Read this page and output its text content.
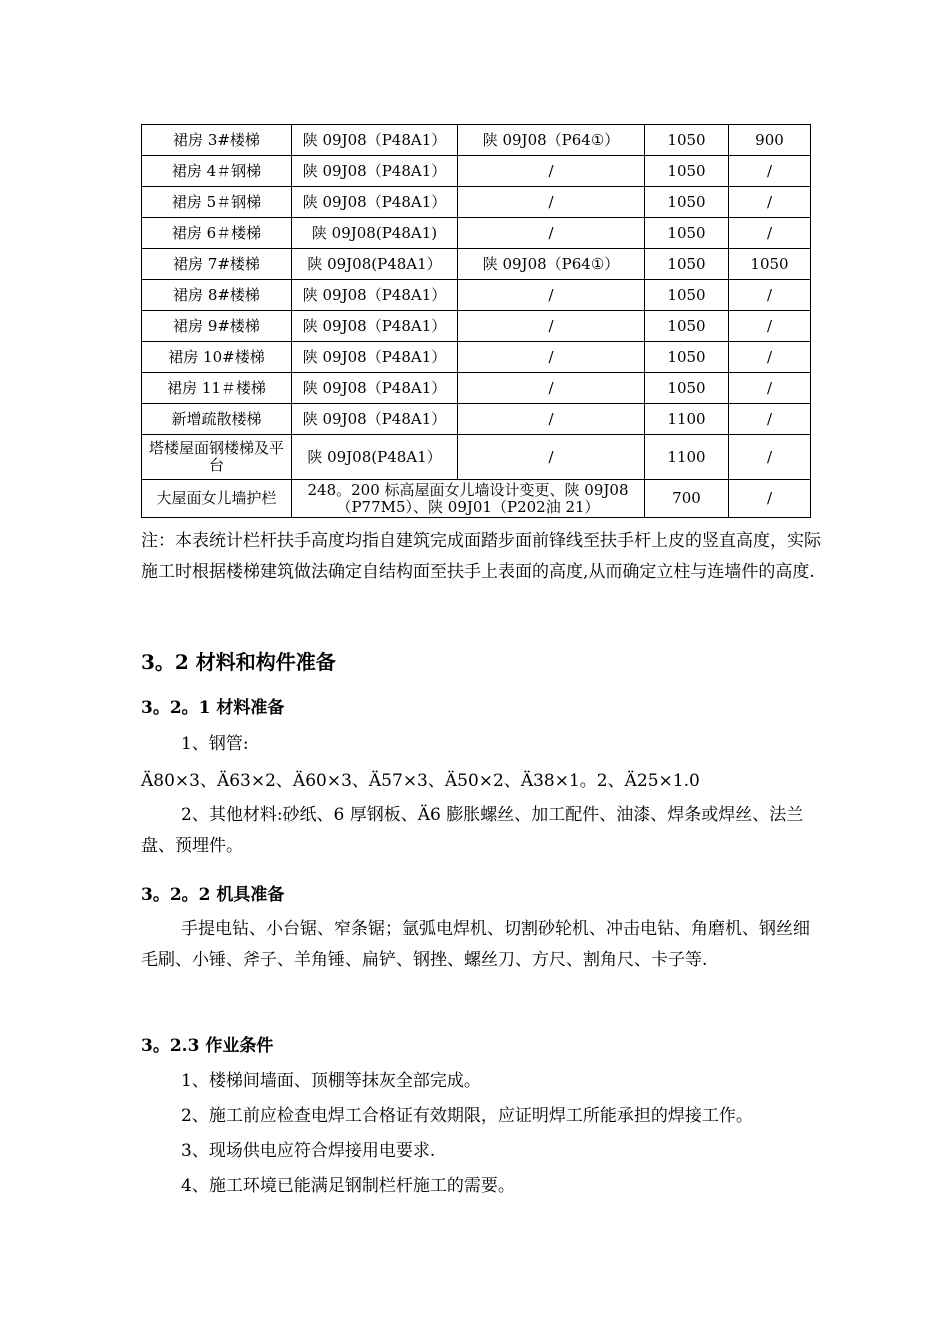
裙房 3#楼梯	陕 09J08（P48A1）	陕 09J08（P64①）	1050	900
裙房 4＃钢梯	陕 09J08（P48A1）	/	1050	/
裙房 5＃钢梯	陕 09J08（P48A1）	/	1050	/
裙房 6＃楼梯	陕 09J08(P48A1)	/	1050	/
裙房 7#楼梯	陕 09J08(P48A1）	陕 09J08（P64①）	1050	1050
裙房 8#楼梯	陕 09J08（P48A1）	/	1050	/
裙房 9#楼梯	陕 09J08（P48A1）	/	1050	/
裙房 10#楼梯	陕 09J08（P48A1）	/	1050	/
裙房 11＃楼梯	陕 09J08（P48A1）	/	1050	/
新增疏散楼梯	陕 09J08（P48A1）	/	1100	/
塔楼屋面钢楼梯及平台	陕 09J08(P48A1）	/	1100	/
大屋面女儿墙护栏	248。200 标高屋面女儿墙设计变更、陕 09J08（P77M5）、陕 09J01（P202油 21）		700	/
注：本表统计栏杆扶手高度均指自建筑完成面踏步面前锋线至扶手杆上皮的竖直高度，实际施工时根据楼梯建筑做法确定自结构面至扶手上表面的高度,从而确定立柱与连墙件的高度.
3。2 材料和构件准备
3。2。1 材料准备
1、钢管:
Ä80×3、Ä63×2、Ä60×3、Ä57×3、Ä50×2、Ä38×1。2、Ä25×1.0
2、其他材料:砂纸、6 厚钢板、Ä6 膨胀螺丝、加工配件、油漆、焊条或焊丝、法兰盘、预埋件。
3。2。2 机具准备
手提电钻、小台锯、窄条锯；氩弧电焊机、切割砂轮机、冲击电钻、角磨机、钢丝细毛刷、小锤、斧子、羊角锤、扁铲、钢挫、螺丝刀、方尺、割角尺、卡子等.
3。2.3 作业条件
1、楼梯间墙面、顶棚等抹灰全部完成。
2、施工前应检查电焊工合格证有效期限，应证明焊工所能承担的焊接工作。
3、现场供电应符合焊接用电要求.
4、施工环境已能满足钢制栏杆施工的需要。
